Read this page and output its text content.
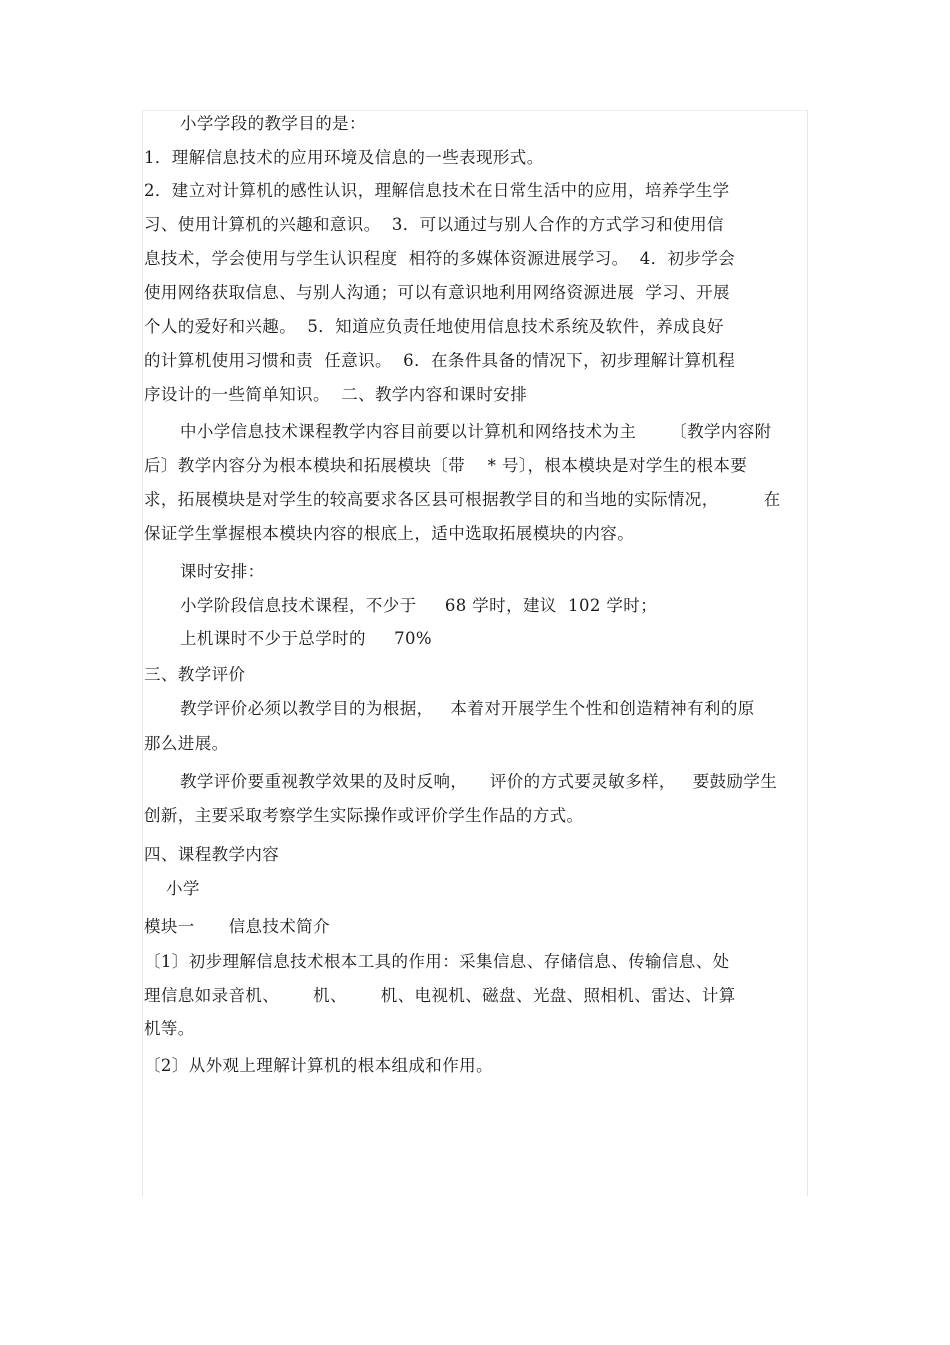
小学学段的教学目的是：
1．理解信息技术的应用环境及信息的一些表现形式。
2．建立对计算机的感性认识，理解信息技术在日常生活中的应用，培养学生学
习、使用计算机的兴趣和意识。  3．可以通过与别人合作的方式学习和使用信
息技术，学会使用与学生认识程度  相符的多媒体资源进展学习。  4．初步学会
使用网络获取信息、与别人沟通；可以有意识地利用网络资源进展  学习、开展
个人的爱好和兴趣。  5．知道应负责任地使用信息技术系统及软件，养成良好
的计算机使用习惯和责  任意识。  6．在条件具备的情况下，初步理解计算机程
序设计的一些简单知识。  二、教学内容和课时安排
中小学信息技术课程教学内容目前要以计算机和网络技术为主      〔教学内容附
后〕教学内容分为根本模块和拓展模块〔带    * 号〕，根本模块是对学生的根本要
求，拓展模块是对学生的较高要求各区县可根据教学目的和当地的实际情况，        在
保证学生掌握根本模块内容的根底上，适中选取拓展模块的内容。
课时安排：
小学阶段信息技术课程，不少于     68 学时，建议  102 学时；
上机课时不少于总学时的     70%
三、教学评价
教学评价必须以教学目的为根据，   本着对开展学生个性和创造精神有利的原
那么进展。
教学评价要重视教学效果的及时反响，    评价的方式要灵敏多样，   要鼓励学生
创新，主要采取考察学生实际操作或评价学生作品的方式。
四、课程教学内容
小学
模块一      信息技术简介
〔1〕初步理解信息技术根本工具的作用：采集信息、存储信息、传输信息、处
理信息如录音机、      机、      机、电视机、磁盘、光盘、照相机、雷达、计算
机等。
〔2〕从外观上理解计算机的根本组成和作用。
